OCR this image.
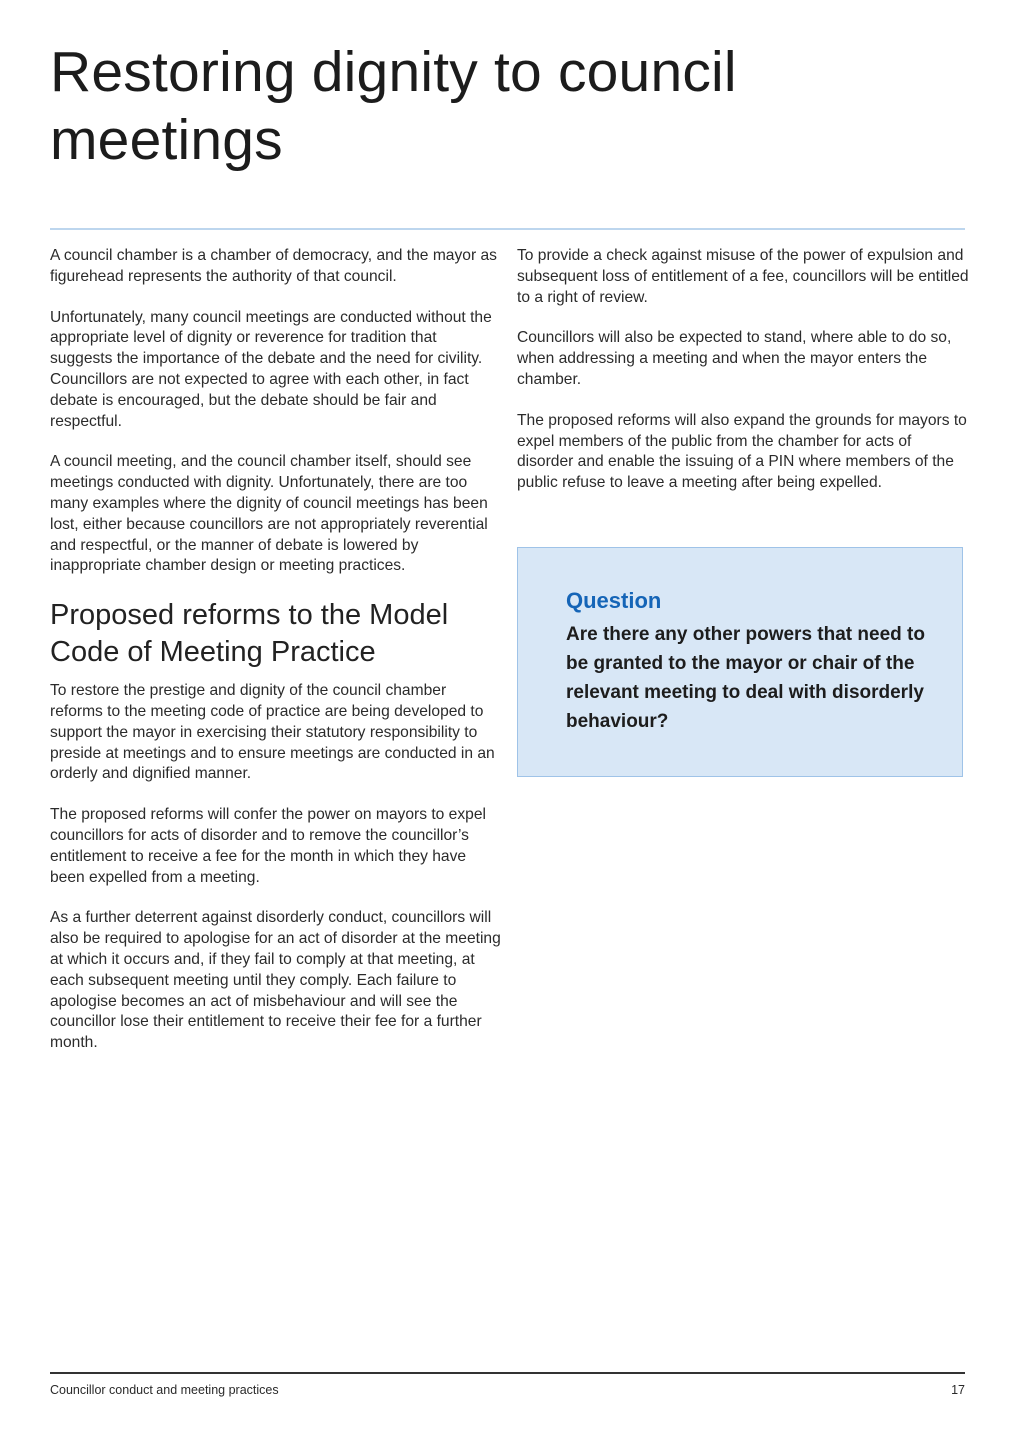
Restoring dignity to council meetings

A council chamber is a chamber of democracy, and the mayor as figurehead represents the authority of that council.

Unfortunately, many council meetings are conducted without the appropriate level of dignity or reverence for tradition that suggests the importance of the debate and the need for civility. Councillors are not expected to agree with each other, in fact debate is encouraged, but the debate should be fair and respectful.

A council meeting, and the council chamber itself, should see meetings conducted with dignity. Unfortunately, there are too many examples where the dignity of council meetings has been lost, either because councillors are not appropriately reverential and respectful, or the manner of debate is lowered by inappropriate chamber design or meeting practices.

Proposed reforms to the Model Code of Meeting Practice

To restore the prestige and dignity of the council chamber reforms to the meeting code of practice are being developed to support the mayor in exercising their statutory responsibility to preside at meetings and to ensure meetings are conducted in an orderly and dignified manner.

The proposed reforms will confer the power on mayors to expel councillors for acts of disorder and to remove the councillor’s entitlement to receive a fee for the month in which they have been expelled from a meeting.

As a further deterrent against disorderly conduct, councillors will also be required to apologise for an act of disorder at the meeting at which it occurs and, if they fail to comply at that meeting, at each subsequent meeting until they comply. Each failure to apologise becomes an act of misbehaviour and will see the councillor lose their entitlement to receive their fee for a further month.

To provide a check against misuse of the power of expulsion and subsequent loss of entitlement of a fee, councillors will be entitled to a right of review.

Councillors will also be expected to stand, where able to do so, when addressing a meeting and when the mayor enters the chamber.

The proposed reforms will also expand the grounds for mayors to expel members of the public from the chamber for acts of disorder and enable the issuing of a PIN where members of the public refuse to leave a meeting after being expelled.

Question

Are there any other powers that need to be granted to the mayor or chair of the relevant meeting to deal with disorderly behaviour?

Councillor conduct and meeting practices	17
